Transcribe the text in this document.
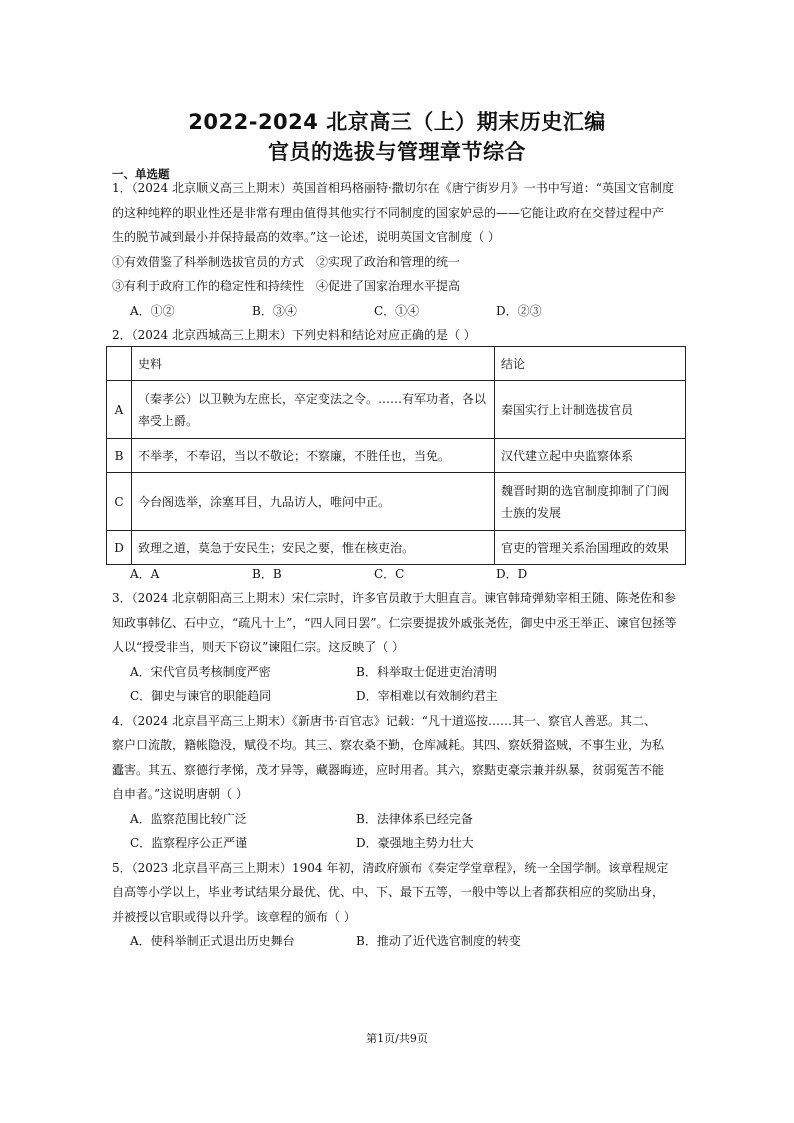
2022-2024 北京高三（上）期末历史汇编
官员的选拔与管理章节综合
一、单选题
1．（2024 北京顺义高三上期末）英国首相玛格丽特·撒切尔在《唐宁街岁月》一书中写道：“英国文官制度
的这种纯粹的职业性还是非常有理由值得其他实行不同制度的国家妒忌的——它能让政府在交替过程中产
生的脱节减到最小并保持最高的效率。”这一论述，说明英国文官制度（ ）
①有效借鉴了科举制选拔官员的方式　②实现了政治和管理的统一
③有利于政府工作的稳定性和持续性　④促进了国家治理水平提高
A．①②	B．③④	C．①④	D．②③
2．（2024 北京西城高三上期末）下列史料和结论对应正确的是（ ）
	史料	结论
A	（秦孝公）以卫鞅为左庶长，卒定变法之令。……有军功者，各以率受上爵。	秦国实行上计制选拔官员
B	不举孝，不奉诏，当以不敬论；不察廉，不胜任也，当免。	汉代建立起中央监察体系
C	今台阁选举，涂塞耳目，九品访人，唯问中正。	魏晋时期的选官制度抑制了门阀士族的发展
D	致理之道，莫急于安民生；安民之要，惟在核吏治。	官吏的管理关系治国理政的效果
A．A	B．B	C．C	D．D
3．（2024 北京朝阳高三上期末）宋仁宗时，许多官员敢于大胆直言。谏官韩琦弹劾宰相王随、陈尧佐和参
知政事韩亿、石中立，“疏凡十上”，“四人同日罢”。仁宗要提拔外戚张尧佐，御史中丞王举正、谏官包拯等
人以“授受非当，则天下窃议”谏阻仁宗。这反映了（ ）
A．宋代官员考核制度严密	B．科举取士促进吏治清明
C．御史与谏官的职能趋同	D．宰相难以有效制约君主
4．（2024 北京昌平高三上期末）《新唐书·百官志》记载：“凡十道巡按……其一、察官人善恶。其二、
察户口流散，籍帐隐没，赋役不均。其三、察农桑不勤，仓库减耗。其四、察妖猾盗贼，不事生业，为私
蠹害。其五、察德行孝悌，茂才异等，藏器晦迹，应时用者。其六，察黠吏豪宗兼并纵暴，贫弱冤苦不能
自申者。”这说明唐朝（ ）
A．监察范围比较广泛	B．法律体系已经完备
C．监察程序公正严谨	D．豪强地主势力壮大
5．（2023 北京昌平高三上期末）1904 年初，清政府颁布《奏定学堂章程》，统一全国学制。该章程规定
自高等小学以上，毕业考试结果分最优、优、中、下、最下五等，一般中等以上者都获相应的奖励出身，
并被授以官职或得以升学。该章程的颁布（ ）
A．使科举制正式退出历史舞台	B．推动了近代选官制度的转变
第1页/共9页
